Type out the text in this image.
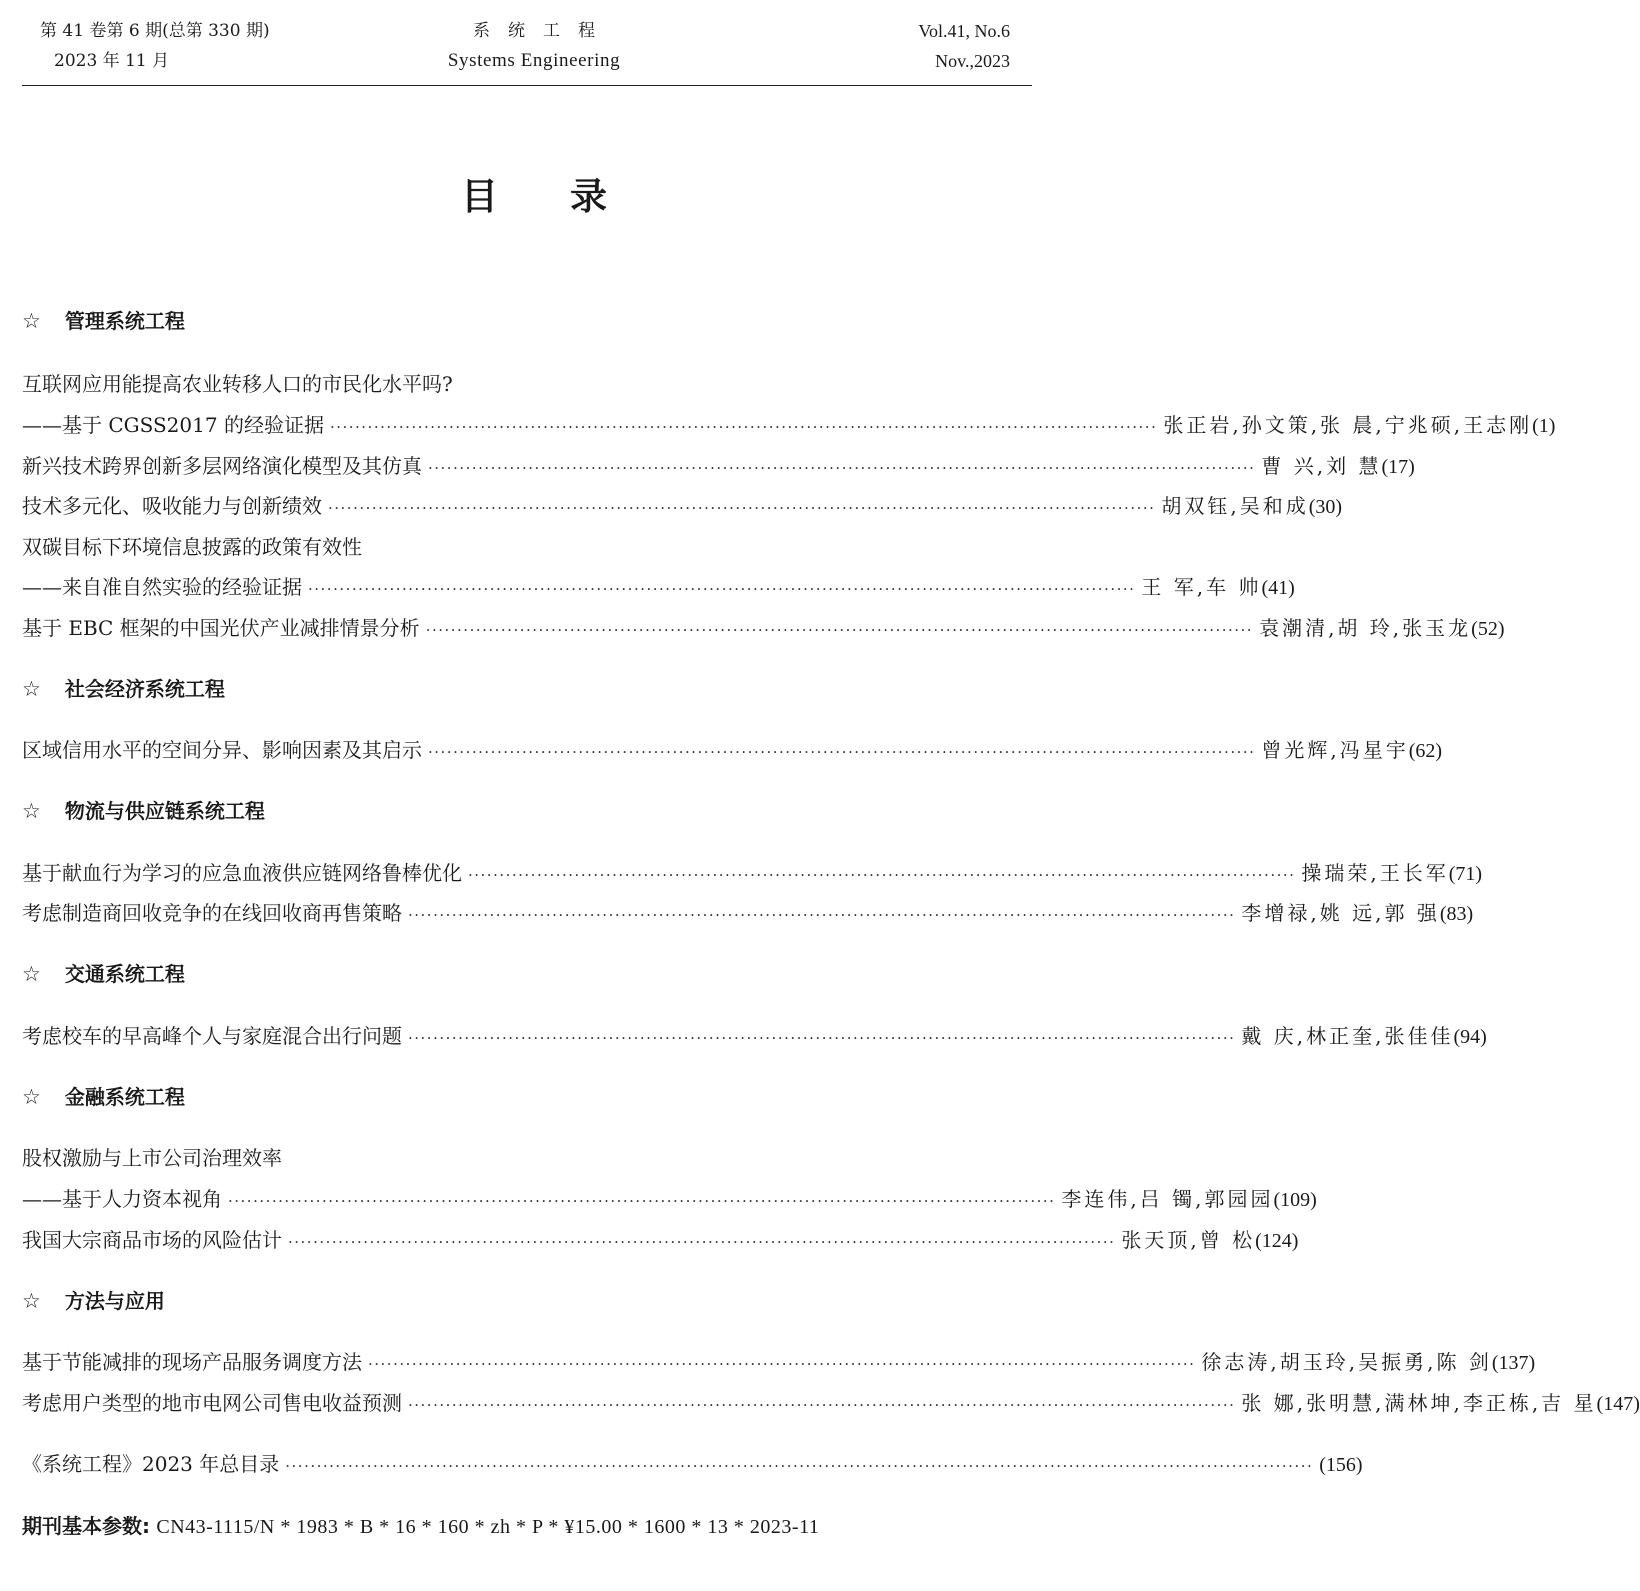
第 41 卷第 6 期(总第 330 期)
2023 年 11 月
系统工程
Systems Engineering
Vol.41, No.6
Nov.,2023
目录
☆ 管理系统工程
互联网应用能提高农业转移人口的市民化水平吗?
——基于 CGSS2017 的经验证据 ···································································································································· 张正岩,孙文策,张 晨,宁兆硕,王志刚 (1)
新兴技术跨界创新多层网络演化模型及其仿真 ···································································································································· 曹 兴,刘 慧 (17)
技术多元化、吸收能力与创新绩效 ···································································································································· 胡双钰,吴和成 (30)
双碳目标下环境信息披露的政策有效性
——来自准自然实验的经验证据 ···································································································································· 王 军,车 帅 (41)
基于 EBC 框架的中国光伏产业减排情景分析 ···································································································································· 袁潮清,胡 玲,张玉龙 (52)
☆ 社会经济系统工程
区域信用水平的空间分异、影响因素及其启示 ···································································································································· 曾光辉,冯星宇 (62)
☆ 物流与供应链系统工程
基于献血行为学习的应急血液供应链网络鲁棒优化 ···································································································································· 操瑞荣,王长军 (71)
考虑制造商回收竞争的在线回收商再售策略 ···································································································································· 李增禄,姚 远,郭 强 (83)
☆ 交通系统工程
考虑校车的早高峰个人与家庭混合出行问题 ···································································································································· 戴 庆,林正奎,张佳佳 (94)
☆ 金融系统工程
股权激励与上市公司治理效率
——基于人力资本视角 ···································································································································· 李连伟,吕 镯,郭园园 (109)
我国大宗商品市场的风险估计 ···································································································································· 张天顶,曾 松 (124)
☆ 方法与应用
基于节能减排的现场产品服务调度方法 ···································································································································· 徐志涛,胡玉玲,吴振勇,陈 剑 (137)
考虑用户类型的地市电网公司售电收益预测 ···································································································································· 张 娜,张明慧,满林坤,李正栋,吉 星 (147)
《系统工程》2023 年总目录 ···································································································································································· (156)
期刊基本参数: CN43-1115/N * 1983 * B * 16 * 160 * zh * P * ¥15.00 * 1600 * 13 * 2023-11
